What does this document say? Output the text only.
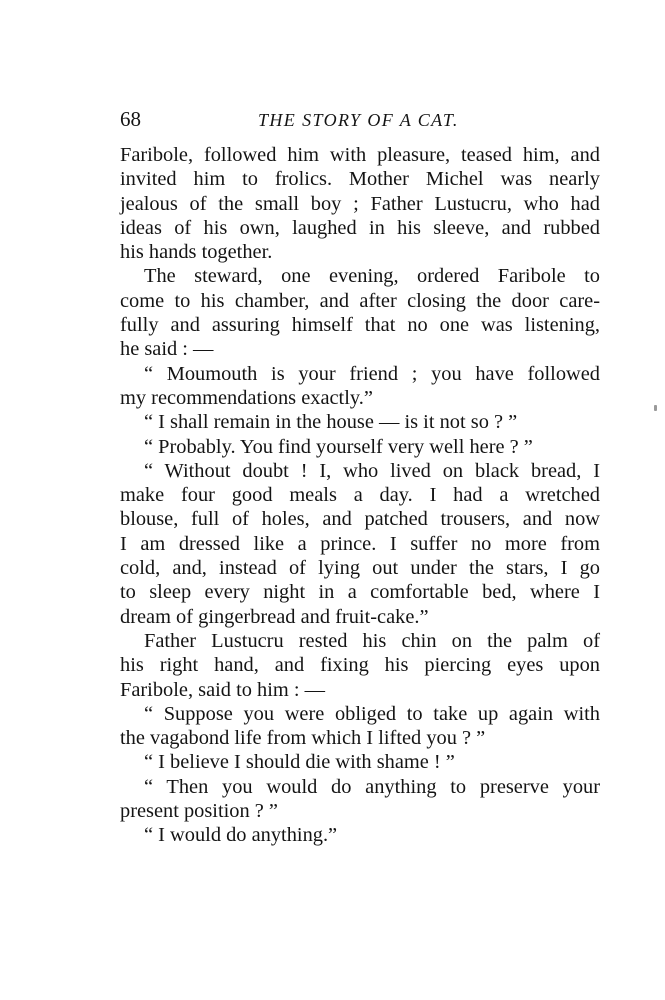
68	THE STORY OF A CAT.

Faribole, followed him with pleasure, teased him, and
invited him to frolics. Mother Michel was nearly
jealous of the small boy ; Father Lustucru, who had
ideas of his own, laughed in his sleeve, and rubbed
his hands together.

The steward, one evening, ordered Faribole to
come to his chamber, and after closing the door care-
fully and assuring himself that no one was listening,
he said : —

“ Moumouth is your friend ; you have followed
my recommendations exactly.”

“ I shall remain in the house — is it not so ? ”

“ Probably. You find yourself very well here ? ”

“ Without doubt ! I, who lived on black bread, I
make four good meals a day. I had a wretched
blouse, full of holes, and patched trousers, and now
I am dressed like a prince. I suffer no more from
cold, and, instead of lying out under the stars, I go
to sleep every night in a comfortable bed, where I
dream of gingerbread and fruit-cake.”

Father Lustucru rested his chin on the palm of
his right hand, and fixing his piercing eyes upon
Faribole, said to him : —

“ Suppose you were obliged to take up again with
the vagabond life from which I lifted you ? ”

“ I believe I should die with shame ! ”

“ Then you would do anything to preserve your
present position ? ”

“ I would do anything.”
